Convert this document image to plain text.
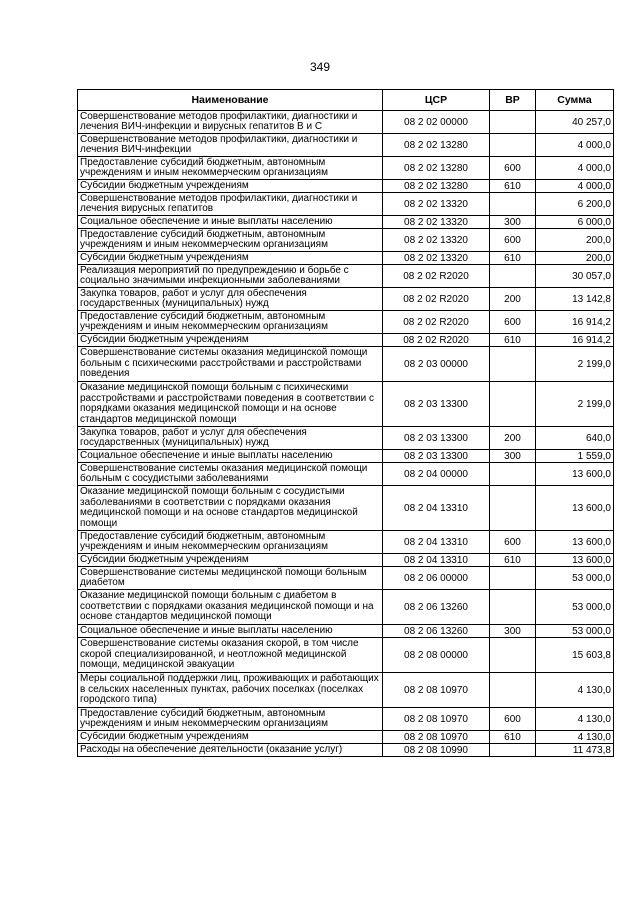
349
Наименование	ЦСР	ВР	Сумма
Совершенствование методов профилактики, диагностики и лечения ВИЧ-инфекции и вирусных гепатитов В и С	08 2 02 00000		40 257,0
Совершенствование методов профилактики, диагностики и лечения ВИЧ-инфекции	08 2 02 13280		4 000,0
Предоставление субсидий бюджетным, автономным учреждениям и иным некоммерческим организациям	08 2 02 13280	600	4 000,0
Субсидии бюджетным учреждениям	08 2 02 13280	610	4 000,0
Совершенствование методов профилактики, диагностики и лечения вирусных гепатитов	08 2 02 13320		6 200,0
Социальное обеспечение и иные выплаты населению	08 2 02 13320	300	6 000,0
Предоставление субсидий бюджетным, автономным учреждениям и иным некоммерческим организациям	08 2 02 13320	600	200,0
Субсидии бюджетным учреждениям	08 2 02 13320	610	200,0
Реализация мероприятий по предупреждению и борьбе с социально значимыми инфекционными заболеваниями	08 2 02 R2020		30 057,0
Закупка товаров, работ и услуг для обеспечения государственных (муниципальных) нужд	08 2 02 R2020	200	13 142,8
Предоставление субсидий бюджетным, автономным учреждениям и иным некоммерческим организациям	08 2 02 R2020	600	16 914,2
Субсидии бюджетным учреждениям	08 2 02 R2020	610	16 914,2
Совершенствование системы оказания медицинской помощи больным с психическими расстройствами и расстройствами поведения	08 2 03 00000		2 199,0
Оказание медицинской помощи больным с психическими расстройствами и расстройствами поведения в соответствии с порядками оказания медицинской помощи и на основе стандартов медицинской помощи	08 2 03 13300		2 199,0
Закупка товаров, работ и услуг для обеспечения государственных (муниципальных) нужд	08 2 03 13300	200	640,0
Социальное обеспечение и иные выплаты населению	08 2 03 13300	300	1 559,0
Совершенствование системы оказания медицинской помощи больным с сосудистыми заболеваниями	08 2 04 00000		13 600,0
Оказание медицинской помощи больным с сосудистыми заболеваниями в соответствии с порядками оказания медицинской помощи и на основе стандартов медицинской помощи	08 2 04 13310		13 600,0
Предоставление субсидий бюджетным, автономным учреждениям и иным некоммерческим организациям	08 2 04 13310	600	13 600,0
Субсидии бюджетным учреждениям	08 2 04 13310	610	13 600,0
Совершенствование системы медицинской помощи больным диабетом	08 2 06 00000		53 000,0
Оказание медицинской помощи больным с диабетом в соответствии с порядками оказания медицинской помощи и на основе стандартов медицинской помощи	08 2 06 13260		53 000,0
Социальное обеспечение и иные выплаты населению	08 2 06 13260	300	53 000,0
Совершенствование системы оказания скорой, в том числе скорой специализированной, и неотложной медицинской помощи, медицинской эвакуации	08 2 08 00000		15 603,8
Меры социальной поддержки лиц, проживающих и работающих в сельских населенных пунктах, рабочих поселках (поселках городского типа)	08 2 08 10970		4 130,0
Предоставление субсидий бюджетным, автономным учреждениям и иным некоммерческим организациям	08 2 08 10970	600	4 130,0
Субсидии бюджетным учреждениям	08 2 08 10970	610	4 130,0
Расходы на обеспечение деятельности (оказание услуг)	08 2 08 10990		11 473,8
